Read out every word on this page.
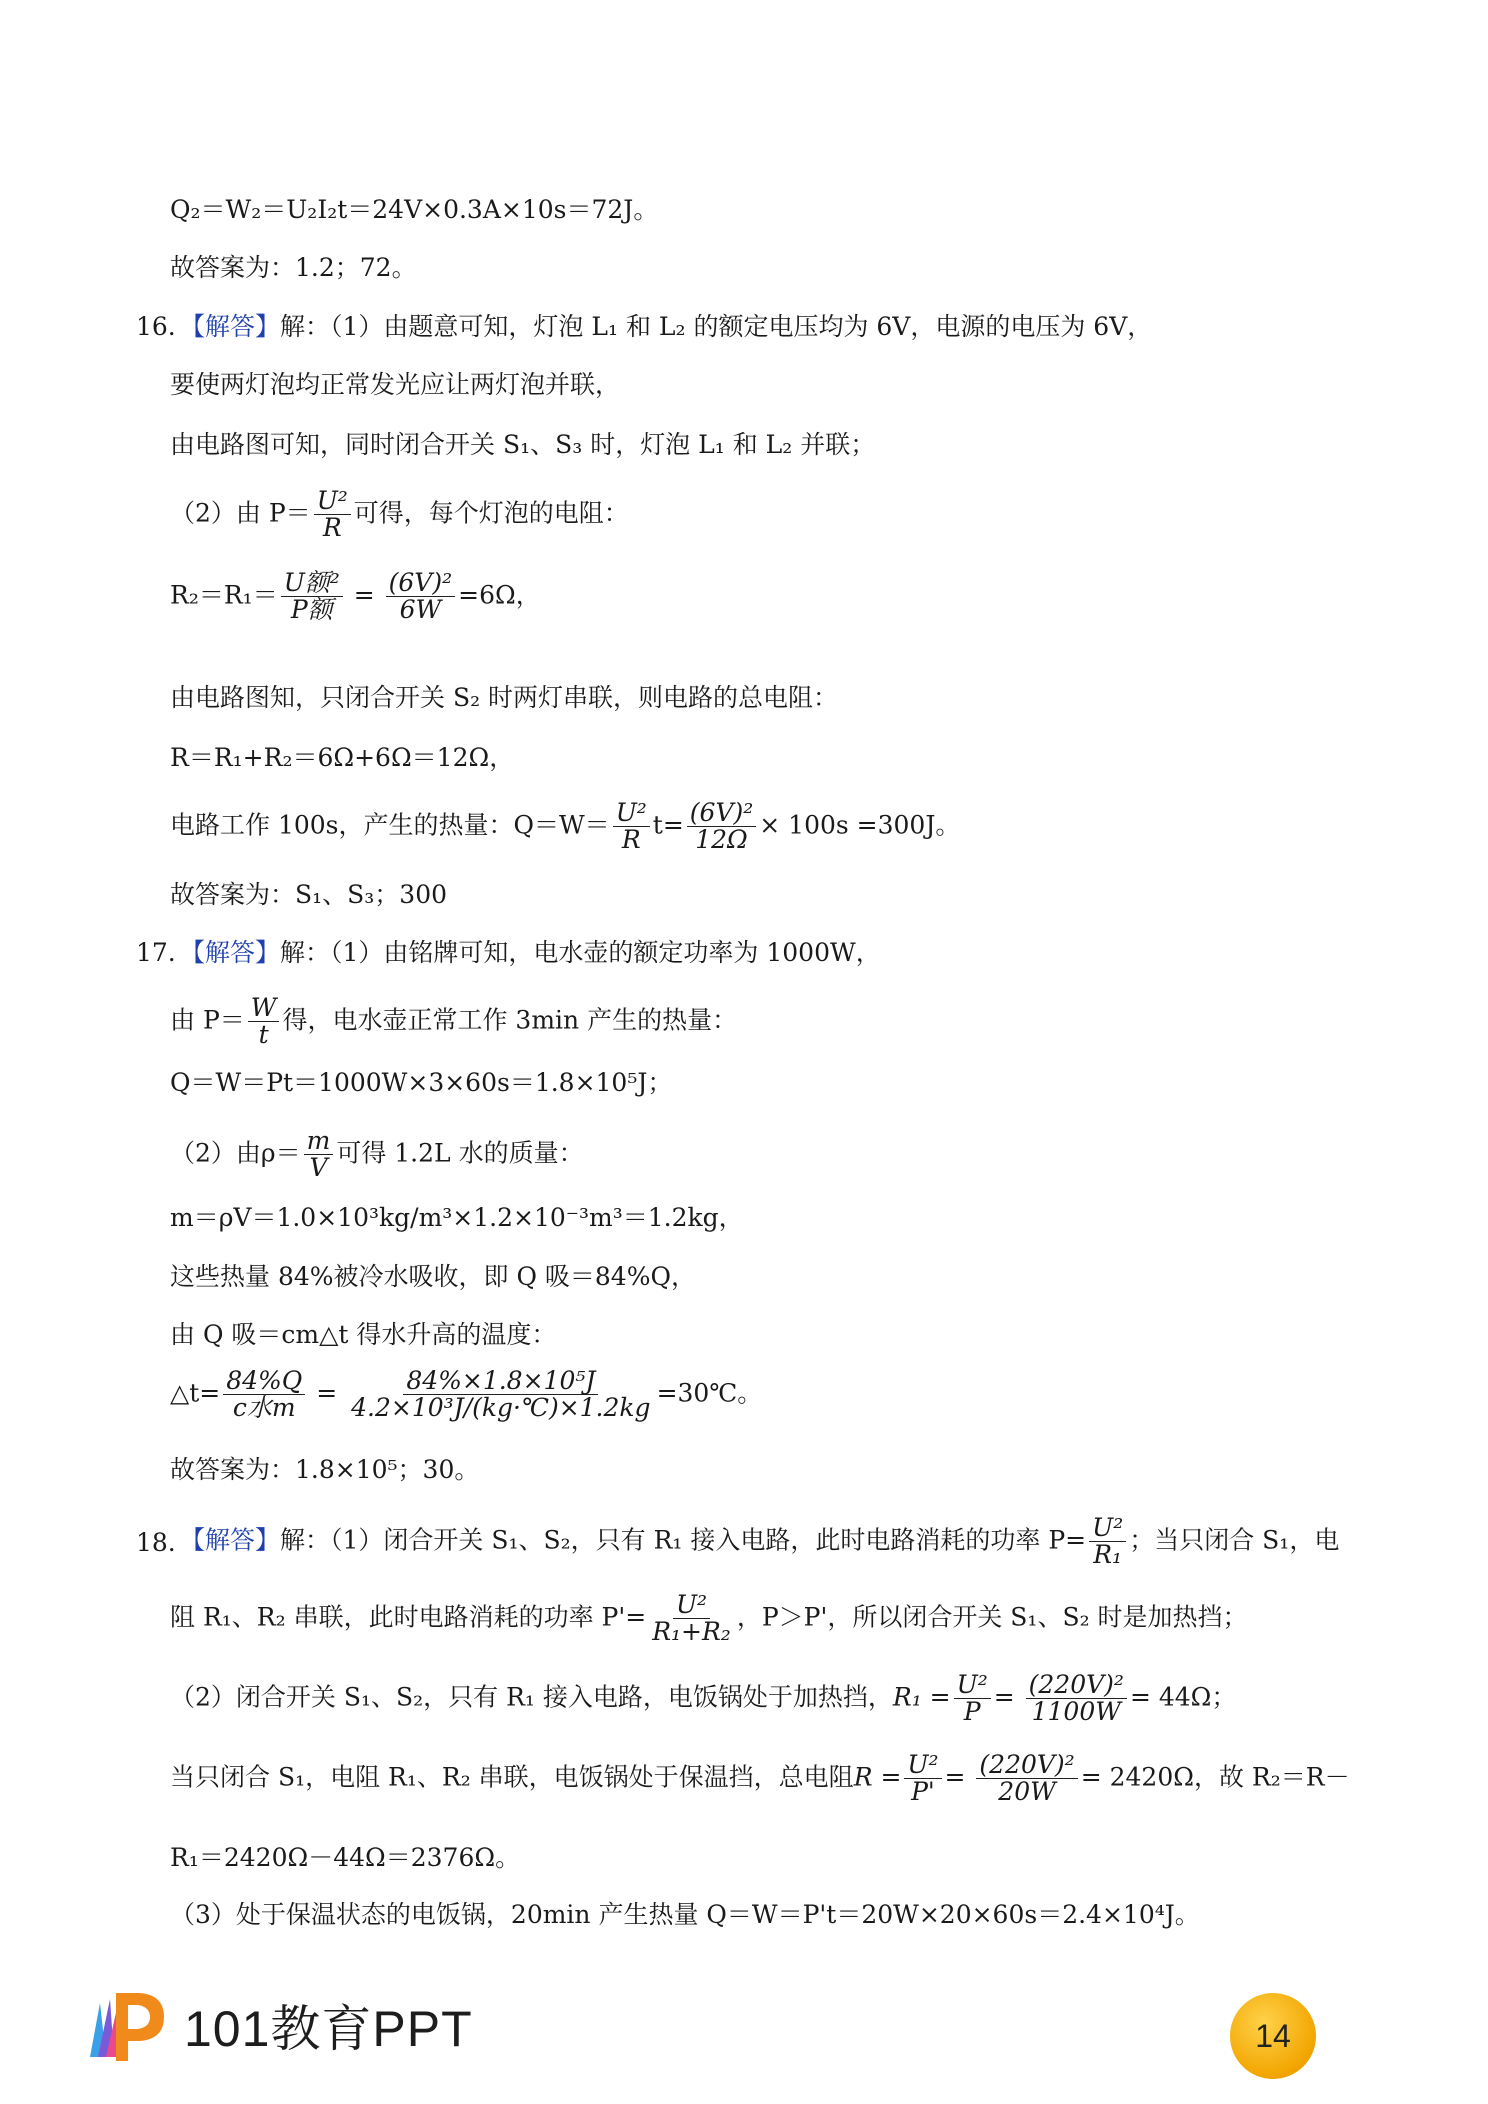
Q₂＝W₂＝U₂I₂t＝24V×0.3A×10s＝72J。
故答案为：1.2；72。
16. 【解答】解：（1）由题意可知，灯泡 L₁ 和 L₂ 的额定电压均为 6V，电源的电压为 6V，
要使两灯泡均正常发光应让两灯泡并联，
由电路图可知，同时闭合开关 S₁、S₃ 时，灯泡 L₁ 和 L₂ 并联；
（2）由 $P= \frac{\text{U²}}{R}$ 可得，每个灯泡的电阻：
$R_2=R_1= \frac{\text{U额²}}{\text{P额}} = \frac{\text{(6V)²}}{6W} =6\Omega$，
由电路图知，只闭合开关 S₂ 时两灯串联，则电路的总电阻：
R＝R₁+R₂＝6Ω+6Ω＝12Ω，
电路工作 100s，产生的热量：$Q=W= \frac{\text{U²}}{R} t= \frac{\text{(6V)²}}{12\Omega} \times 100s =300J$。
故答案为：S₁、S₃；300
17. 【解答】解：（1）由铭牌可知，电水壶的额定功率为 1000W，
由 $P= \frac{W}{t}$ 得，电水壶正常工作 3min 产生的热量：
Q＝W＝Pt＝1000W×3×60s＝1.8×10⁵J；
（2）由$\rho= \frac{m}{V}$ 可得 1.2L 水的质量：
m＝ρV＝1.0×10³kg/m³×1.2×10⁻³m³＝1.2kg，
这些热量 84%被冷水吸收，即 Q 吸＝84%Q，
由 Q 吸＝cm△t 得水升高的温度：
△t= $\frac{84\%Q}{\text{c水m}} = \frac{\text{84\%×1.8×10⁵J}}{\text{4.2×10³J/(kg·℃)×1.2kg}}$ =30℃。
故答案为：1.8×10⁵；30。
18. 【解答】解：（1）闭合开关 S₁、S₂，只有 R₁ 接入电路，此时电路消耗的功率 $P= \frac{\text{U²}}{\text{R₁}}$ ；当只闭合 S₁，电
阻 R₁、R₂ 串联，此时电路消耗的功率 $P'= \frac{\text{U²}}{\text{R₁+R₂}}$ ，P＞P'，所以闭合开关 S₁、S₂ 时是加热挡；
（2）闭合开关 S₁、S₂，只有 R₁ 接入电路，电饭锅处于加热挡，$R_1 = \frac{\text{U²}}{P} = \frac{\text{(220V)²}}{1100W} = 44\Omega$；
当只闭合 S₁，电阻 R₁、R₂ 串联，电饭锅处于保温挡，总电阻$R = \frac{\text{U²}}{P'} = \frac{\text{(220V)²}}{20W} = 2420\Omega$，故 R₂＝R－
R₁＝2420Ω－44Ω＝2376Ω。
（3）处于保温状态的电饭锅，20min 产生热量 Q＝W＝P't＝20W×20×60s＝2.4×10⁴J。
101教育PPT	14
